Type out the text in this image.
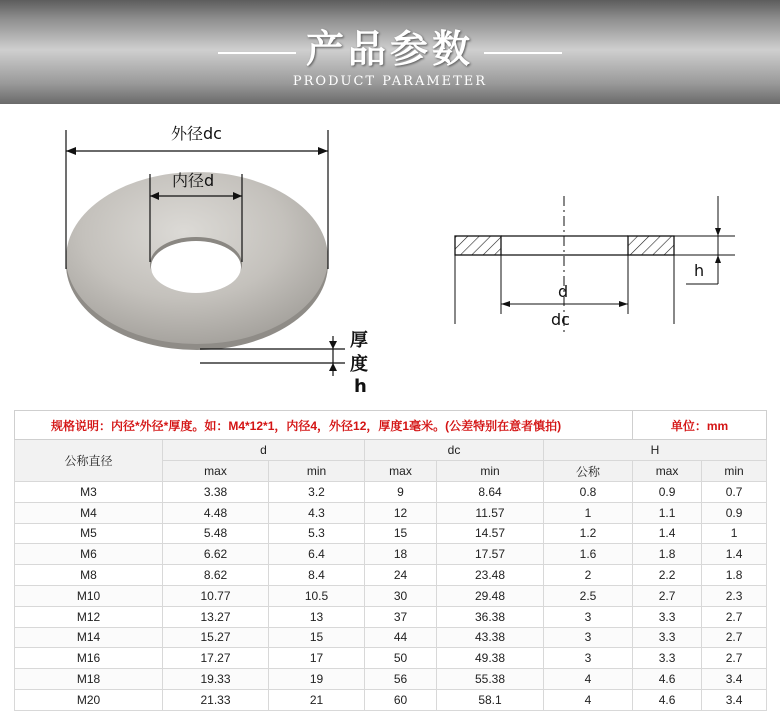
产品参数
PRODUCT PARAMETER
外径dc
内径d
厚
度
h
d
dc
h
规格说明：内径*外径*厚度。如：M4*12*1，内径4，外径12，厚度1毫米。(公差特别在意者慎拍)						单位：mm	
公称直径	d		dc		H		
	max	min	max	min	公称	max	min
M3	3.38	3.2	9	8.64	0.8	0.9	0.7
M4	4.48	4.3	12	11.57	1	1.1	0.9
M5	5.48	5.3	15	14.57	1.2	1.4	1
M6	6.62	6.4	18	17.57	1.6	1.8	1.4
M8	8.62	8.4	24	23.48	2	2.2	1.8
M10	10.77	10.5	30	29.48	2.5	2.7	2.3
M12	13.27	13	37	36.38	3	3.3	2.7
M14	15.27	15	44	43.38	3	3.3	2.7
M16	17.27	17	50	49.38	3	3.3	2.7
M18	19.33	19	56	55.38	4	4.6	3.4
M20	21.33	21	60	58.1	4	4.6	3.4
